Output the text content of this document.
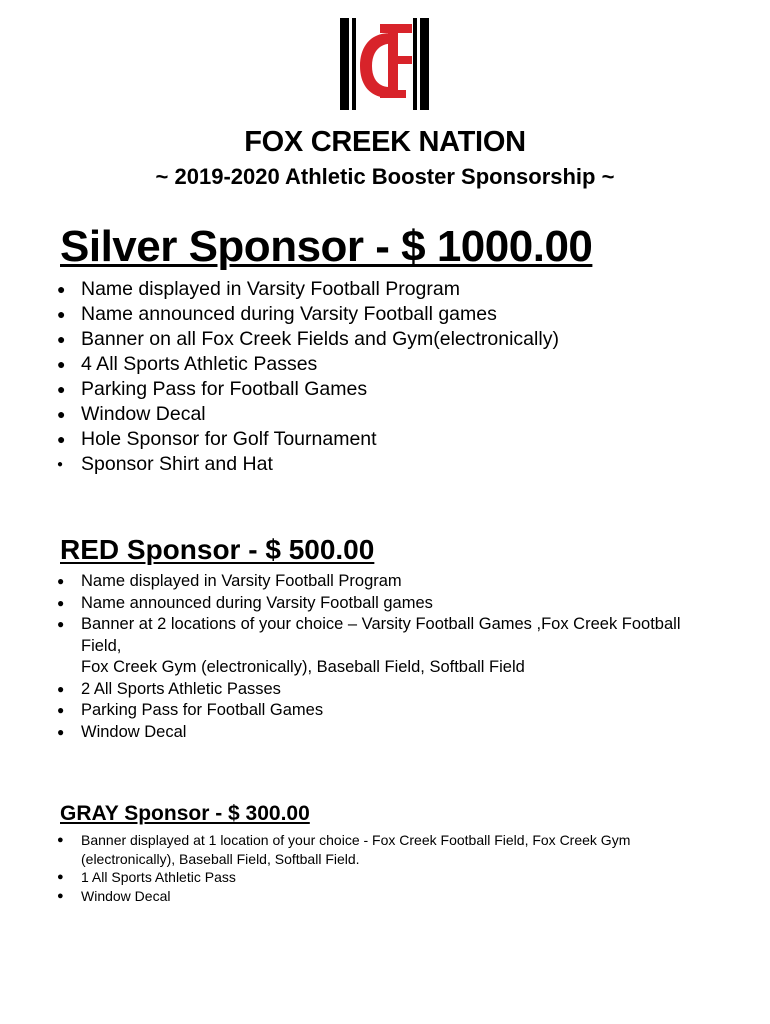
FOX CREEK NATION
~ 2019-2020 Athletic Booster Sponsorship ~
Silver Sponsor - $ 1000.00
● Name displayed in Varsity Football Program
● Name announced during Varsity Football games
● Banner on all Fox Creek Fields and Gym(electronically)
● 4 All Sports Athletic Passes
● Parking Pass for Football Games
● Window Decal
● Hole Sponsor for Golf Tournament
● Sponsor Shirt and Hat
RED Sponsor - $ 500.00
● Name displayed in Varsity Football Program
● Name announced during Varsity Football games
● Banner at 2 locations of your choice – Varsity Football Games ,Fox Creek Football
Field,
Fox Creek Gym (electronically), Baseball Field, Softball Field
● 2 All Sports Athletic Passes
● Parking Pass for Football Games
● Window Decal
GRAY Sponsor - $ 300.00
● Banner displayed at 1 location of your choice - Fox Creek Football Field, Fox Creek Gym
(electronically), Baseball Field, Softball Field.
● 1 All Sports Athletic Pass
● Window Decal
